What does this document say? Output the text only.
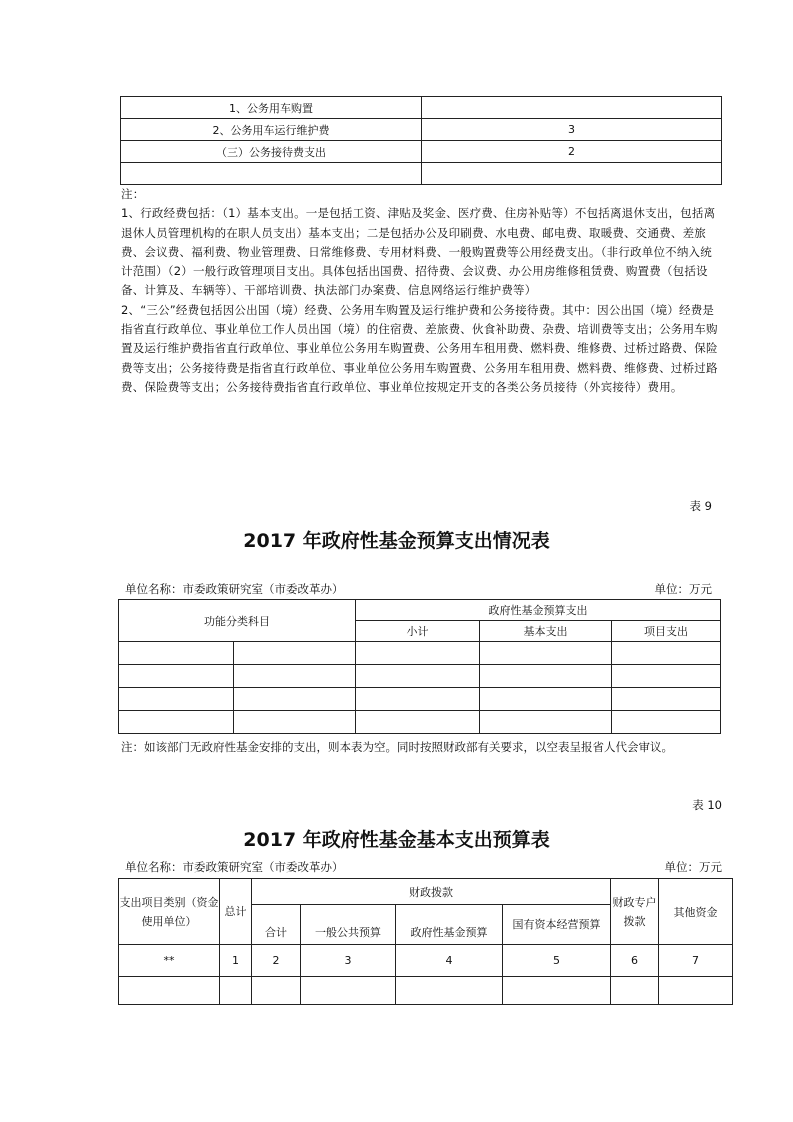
1、公务用车购置	
2、公务用车运行维护费	3
（三）公务接待费支出	2

注：

1、行政经费包括：（1）基本支出。一是包括工资、津贴及奖金、医疗费、住房补贴等）不包括离退休支出，包括离退休人员管理机构的在职人员支出）基本支出；二是包括办公及印刷费、水电费、邮电费、取暖费、交通费、差旅费、会议费、福利费、物业管理费、日常维修费、专用材料费、一般购置费等公用经费支出。（非行政单位不纳入统计范围）（2）一般行政管理项目支出。具体包括出国费、招待费、会议费、办公用房维修租赁费、购置费（包括设备、计算及、车辆等）、干部培训费、执法部门办案费、信息网络运行维护费等）

2、“三公”经费包括因公出国（境）经费、公务用车购置及运行维护费和公务接待费。其中：因公出国（境）经费是指省直行政单位、事业单位工作人员出国（境）的住宿费、差旅费、伙食补助费、杂费、培训费等支出；公务用车购置及运行维护费指省直行政单位、事业单位公务用车购置费、公务用车租用费、燃料费、维修费、过桥过路费、保险费等支出；公务接待费是指省直行政单位、事业单位公务用车购置费、公务用车租用费、燃料费、维修费、过桥过路费、保险费等支出；公务接待费指省直行政单位、事业单位按规定开支的各类公务员接待（外宾接待）费用。

表 9
2017 年政府性基金预算支出情况表
单位名称：市委政策研究室（市委改革办）	单位：万元
功能分类科目		政府性基金预算支出		
		小计	基本支出	项目支出

注：如该部门无政府性基金安排的支出，则本表为空。同时按照财政部有关要求，以空表呈报省人代会审议。
表 10
2017 年政府性基金基本支出预算表
单位名称：市委政策研究室（市委改革办）	单位：万元
支出项目类别（资金使用单位）	总计	财政拨款				财政专户拨款	其他资金
		合计	一般公共预算	政府性基金预算	国有资本经营预算		
**	1	2	3	4	5	6	7
